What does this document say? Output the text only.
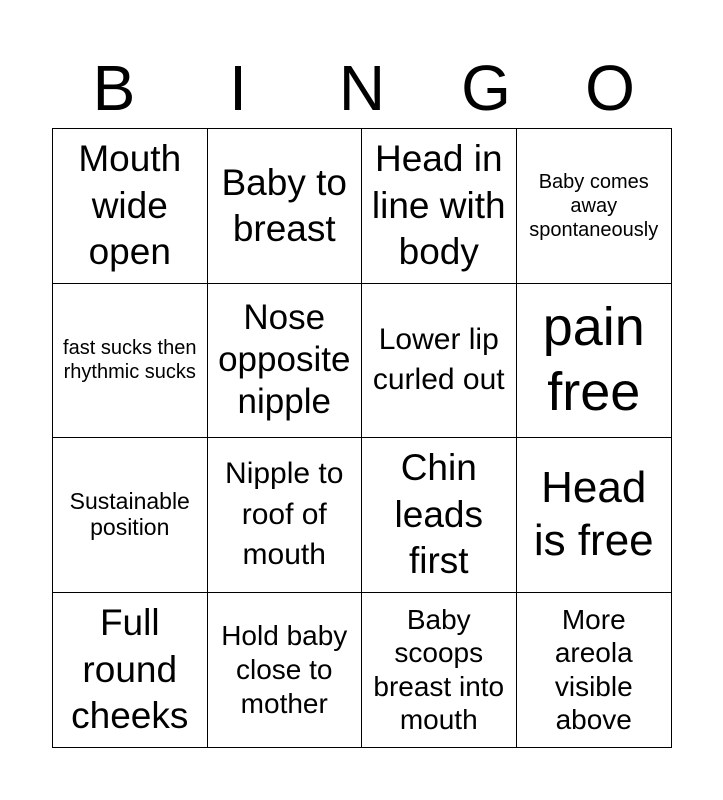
B	I	N	G	O
Mouth wide open
Baby to breast
Head in line with body
Baby comes away spontaneously
fast sucks then rhythmic sucks
Nose opposite nipple
Lower lip curled out
pain free
Sustainable position
Nipple to roof of mouth
Chin leads first
Head is free
Full round cheeks
Hold baby close to mother
Baby scoops breast into mouth
More areola visible above
